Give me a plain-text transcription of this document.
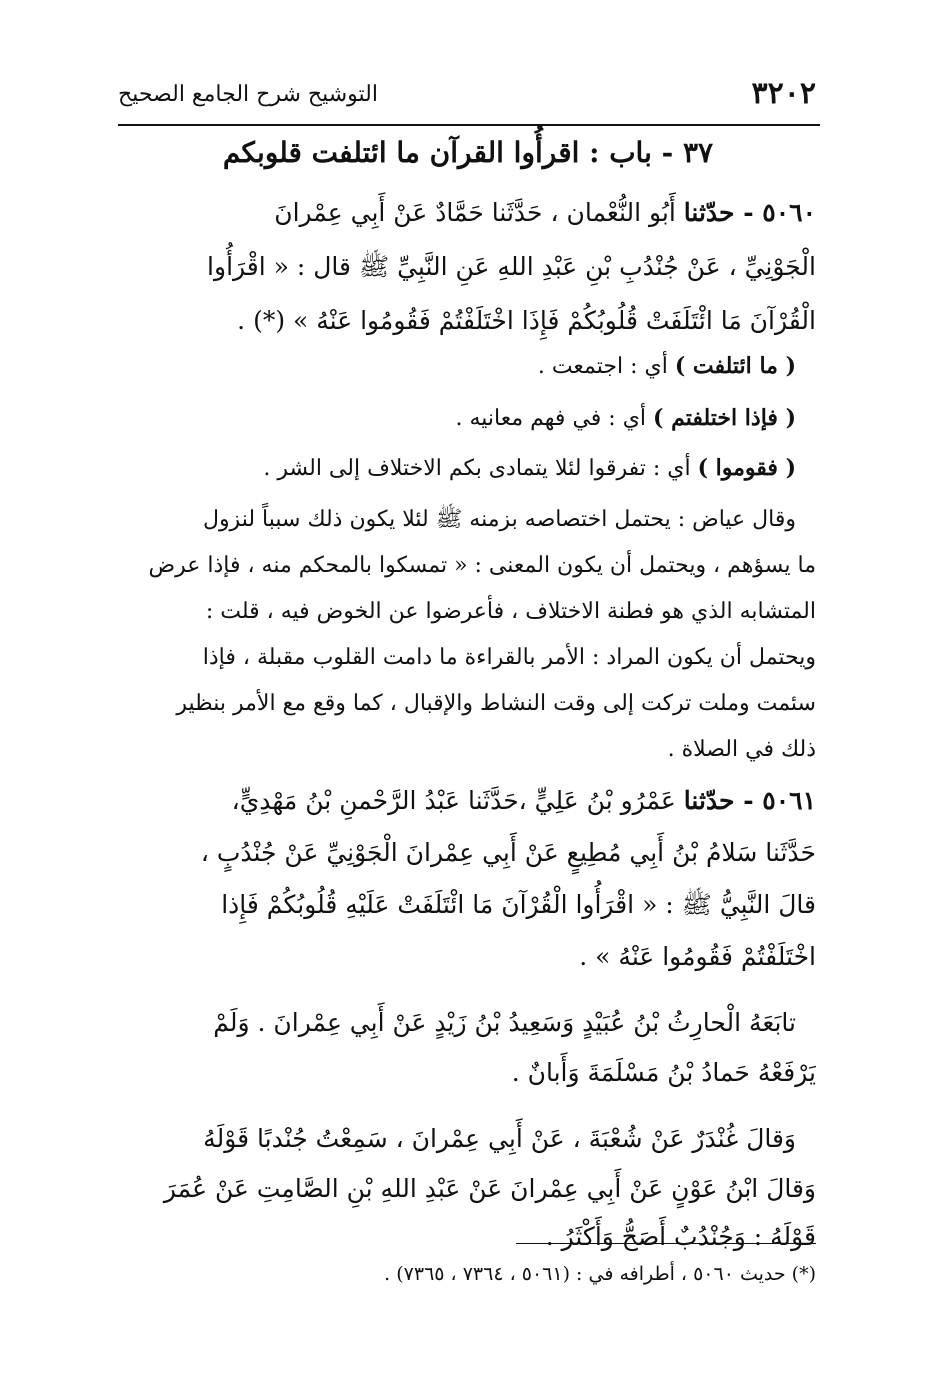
٣٢٠٢
التوشيح شرح الجامع الصحيح
٣٧ - باب : اقرأُوا القرآن ما ائتلفت قلوبكم
٥٠٦٠ - حدّثنا أَبُو النُّعْمان ، حَدَّثَنا حَمَّادٌ عَنْ أَبِي عِمْرانَ
الْجَوْنِيِّ ، عَنْ جُنْدُبِ بْنِ عَبْدِ اللهِ عَنِ النَّبِيِّ ﷺ قال : « اقْرَأُوا
الْقُرْآنَ مَا ائْتَلَفَتْ قُلُوبُكُمْ فَإِذَا اخْتَلَفْتُمْ فَقُومُوا عَنْهُ » (*) .
( ما ائتلفت ) أي : اجتمعت .
( فإذا اختلفتم ) أي : في فهم معانيه .
( فقوموا ) أي : تفرقوا لئلا يتمادى بكم الاختلاف إلى الشر .
وقال عياض : يحتمل اختصاصه بزمنه ﷺ لئلا يكون ذلك سبباً لنزول
ما يسؤهم ، ويحتمل أن يكون المعنى : « تمسكوا بالمحكم منه ، فإذا عرض
المتشابه الذي هو فطنة الاختلاف ، فأعرضوا عن الخوض فيه ، قلت :
ويحتمل أن يكون المراد : الأمر بالقراءة ما دامت القلوب مقبلة ، فإذا
سئمت وملت تركت إلى وقت النشاط والإقبال ، كما وقع مع الأمر بنظير
ذلك في الصلاة .
٥٠٦١ - حدّثنا عَمْرُو بْنُ عَلِيٍّ ،حَدَّثَنا عَبْدُ الرَّحْمنِ بْنُ مَهْدِيٍّ،
حَدَّثَنا سَلامُ بْنُ أَبِي مُطِيعٍ عَنْ أَبِي عِمْرانَ الْجَوْنِيِّ عَنْ جُنْدُبٍ ،
قالَ النَّبِيُّ ﷺ : « اقْرَأُوا الْقُرْآنَ مَا ائْتَلَفَتْ عَلَيْهِ قُلُوبُكُمْ فَإِذا
اخْتَلَفْتُمْ فَقُومُوا عَنْهُ » .
تابَعَهُ الْحارِثُ بْنُ عُبَيْدٍ وَسَعِيدُ بْنُ زَيْدٍ عَنْ أَبِي عِمْرانَ . وَلَمْ
يَرْفَعْهُ حَمادُ بْنُ مَسْلَمَةَ وَأَبانٌ .
وَقالَ غُنْدَرٌ عَنْ شُعْبَةَ ، عَنْ أَبِي عِمْرانَ ، سَمِعْتُ جُنْدبًا قَوْلَهُ
وَقالَ ابْنُ عَوْنٍ عَنْ أَبِي عِمْرانَ عَنْ عَبْدِ اللهِ بْنِ الصَّامِتِ عَنْ عُمَرَ
قَوْلَهُ : وَجُنْدُبٌ أَصَحُّ وَأَكْثَرُ .
(*) حديث ٥٠٦٠ ، أطرافه في : (٥٠٦١ ، ٧٣٦٤ ، ٧٣٦٥) .
